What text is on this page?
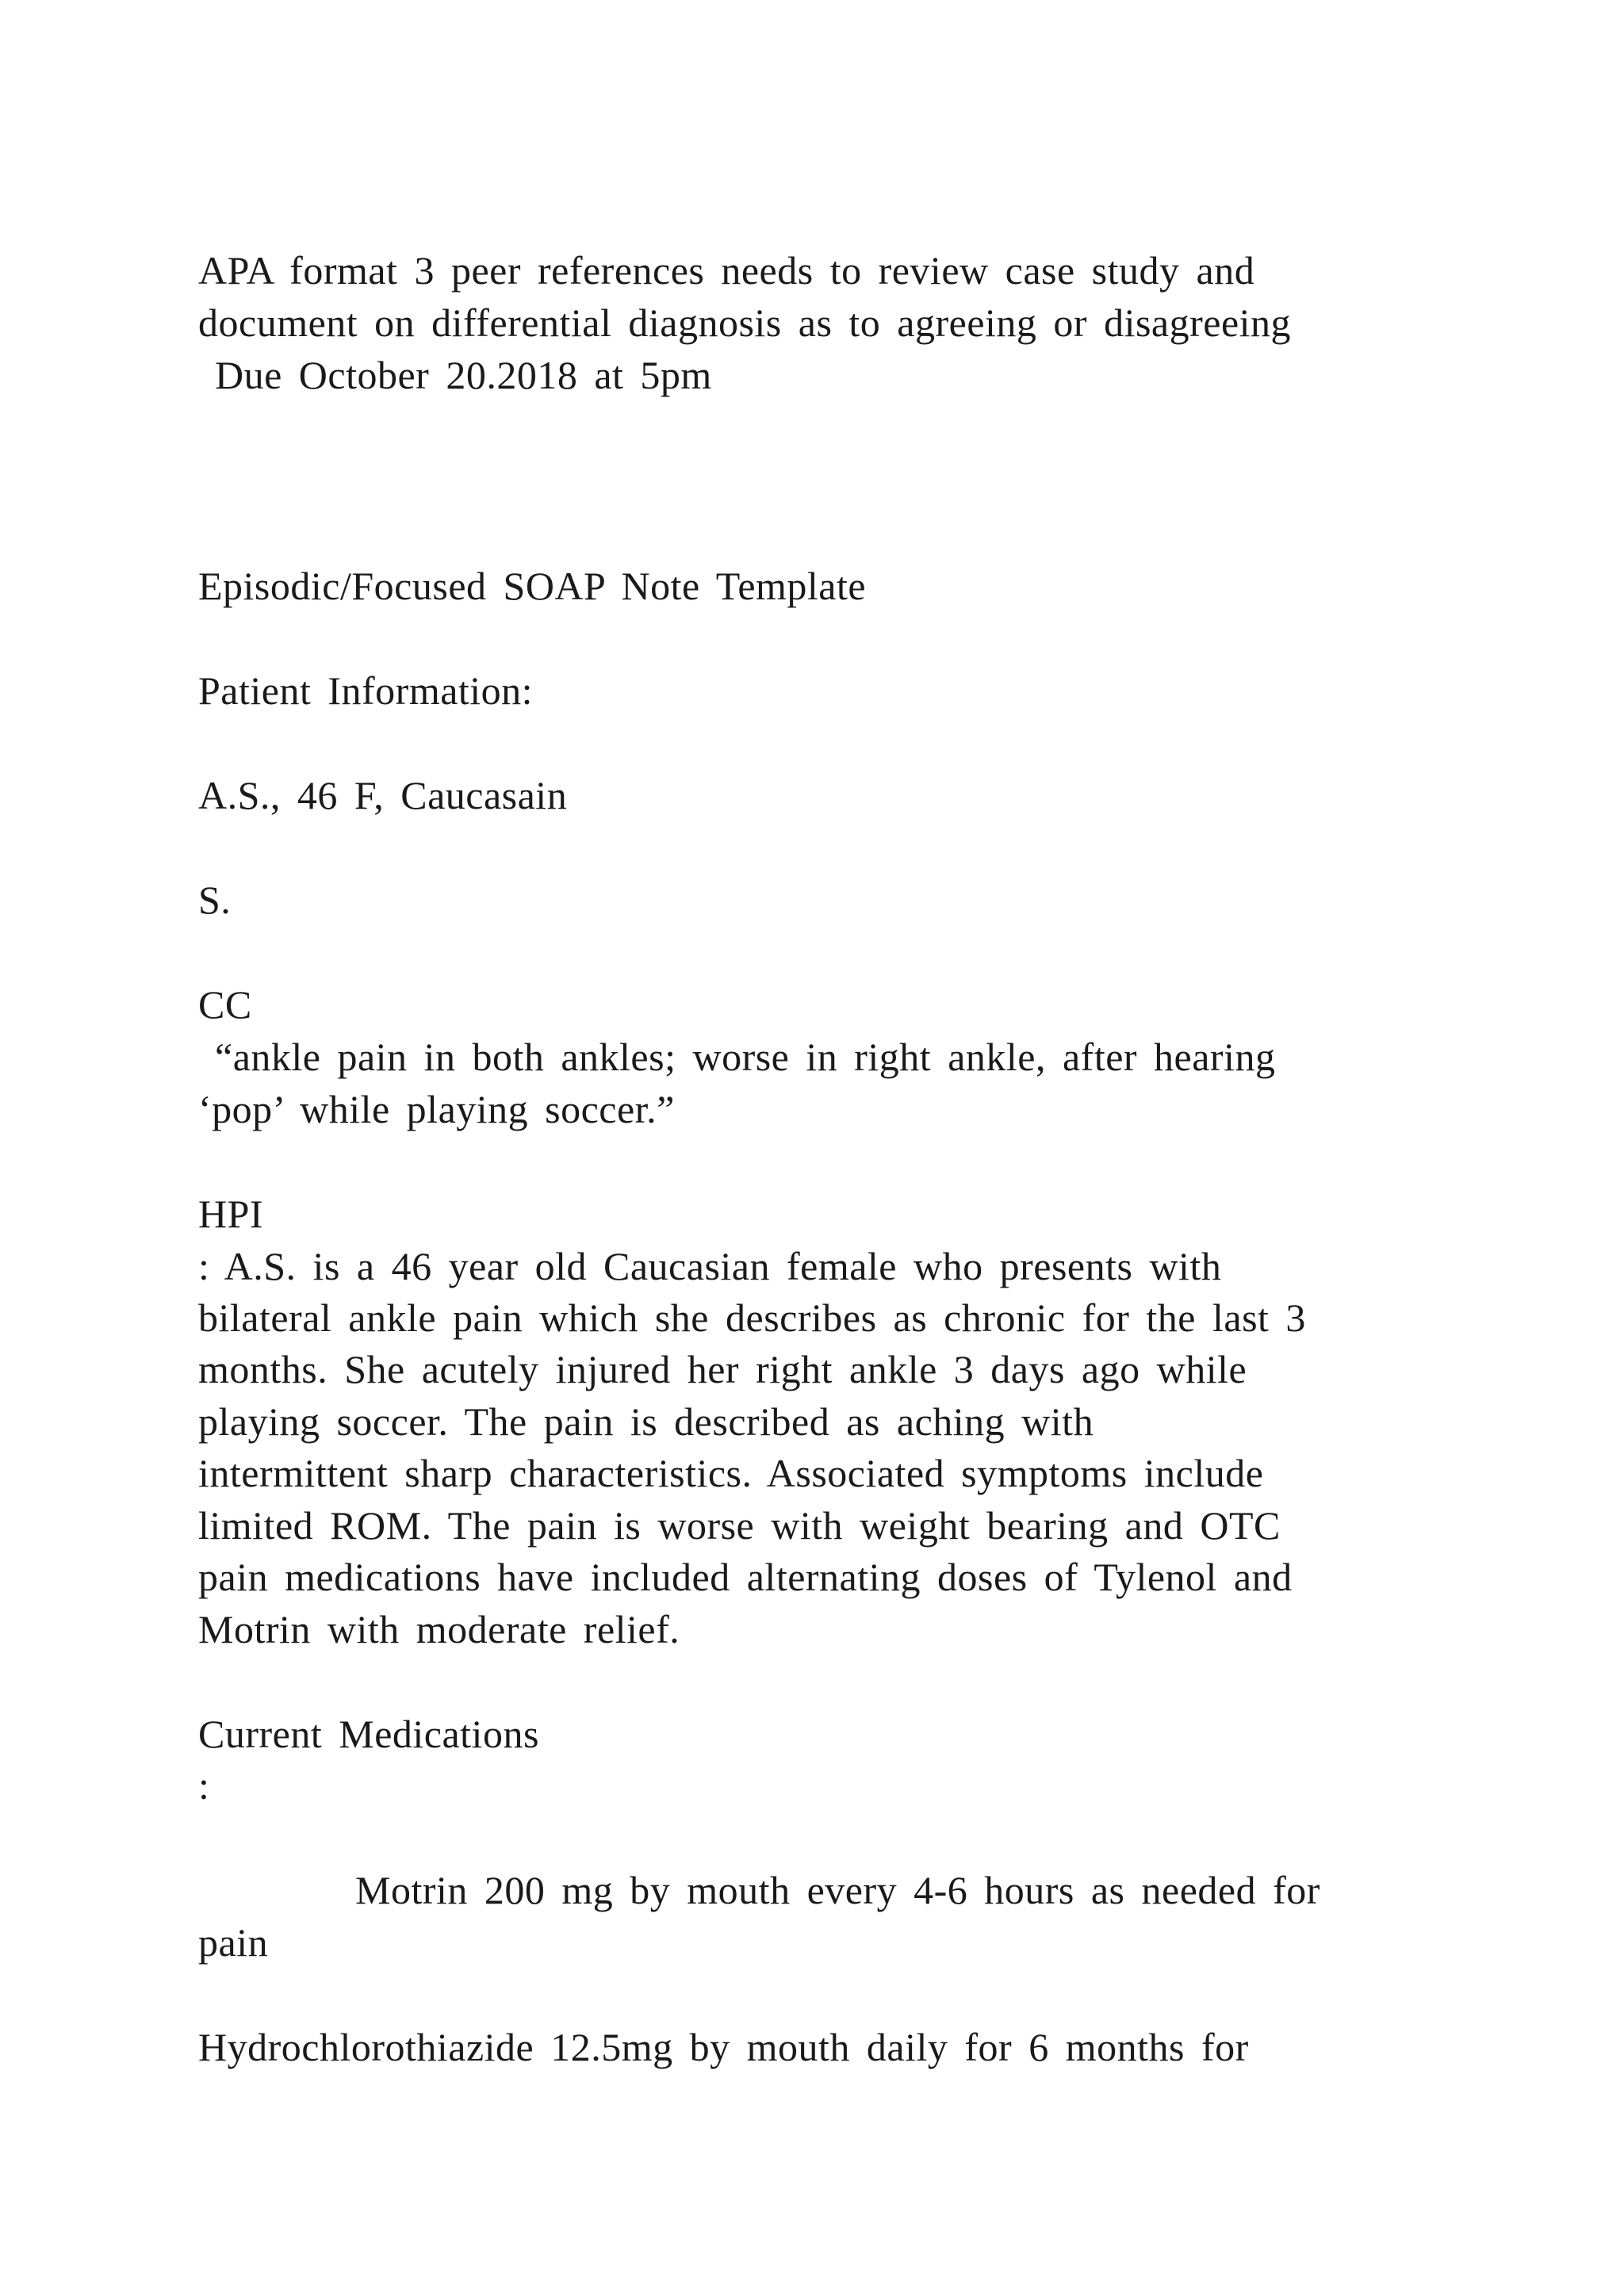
APA format 3 peer references needs to review case study and

document on differential diagnosis as to agreeing or disagreeing

Due October 20.2018 at 5pm

Episodic/Focused SOAP Note Template

Patient Information:

A.S., 46 F, Caucasain

S.

CC

“ankle pain in both ankles; worse in right ankle, after hearing

‘pop’ while playing soccer.”

HPI

: A.S. is a 46 year old Caucasian female who presents with

bilateral ankle pain which she describes as chronic for the last 3

months. She acutely injured her right ankle 3 days ago while

playing soccer. The pain is described as aching with

intermittent sharp characteristics. Associated symptoms include

limited ROM. The pain is worse with weight bearing and OTC

pain medications have included alternating doses of Tylenol and

Motrin with moderate relief.

Current Medications

:

Motrin 200 mg by mouth every 4-6 hours as needed for

pain

Hydrochlorothiazide 12.5mg by mouth daily for 6 months for
